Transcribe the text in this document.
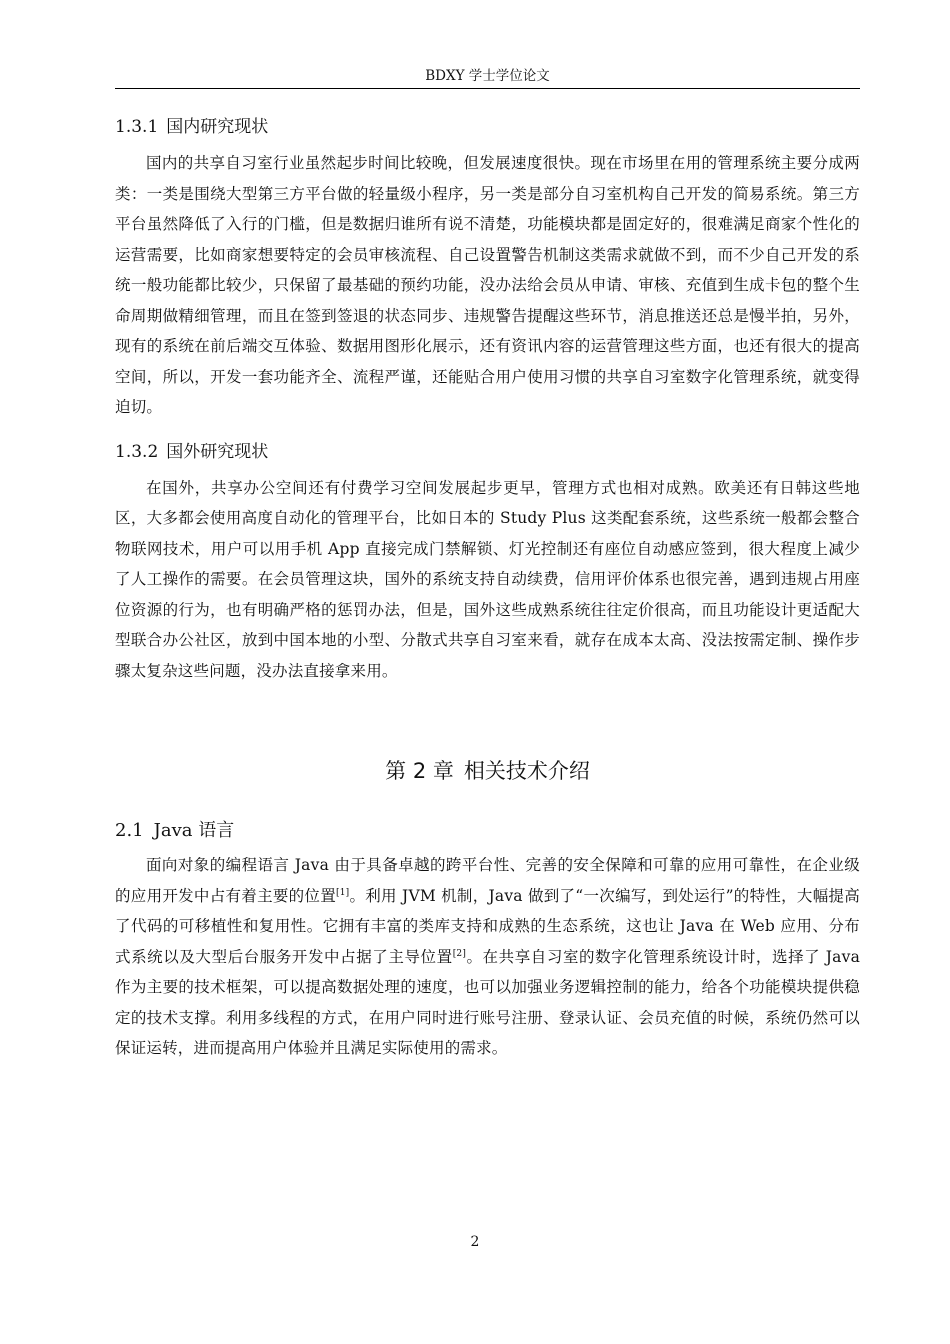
BDXY 学士学位论文
1.3.1 国内研究现状

国内的共享自习室行业虽然起步时间比较晚，但发展速度很快。现在市场里在用的管理系统主要分成两类：一类是围绕大型第三方平台做的轻量级小程序，另一类是部分自习室机构自己开发的简易系统。第三方平台虽然降低了入行的门槛，但是数据归谁所有说不清楚，功能模块都是固定好的，很难满足商家个性化的运营需要，比如商家想要特定的会员审核流程、自己设置警告机制这类需求就做不到，而不少自己开发的系统一般功能都比较少，只保留了最基础的预约功能，没办法给会员从申请、审核、充值到生成卡包的整个生命周期做精细管理，而且在签到签退的状态同步、违规警告提醒这些环节，消息推送还总是慢半拍，另外，现有的系统在前后端交互体验、数据用图形化展示，还有资讯内容的运营管理这些方面，也还有很大的提高空间，所以，开发一套功能齐全、流程严谨，还能贴合用户使用习惯的共享自习室数字化管理系统，就变得迫切。

1.3.2 国外研究现状

在国外，共享办公空间还有付费学习空间发展起步更早，管理方式也相对成熟。欧美还有日韩这些地区，大多都会使用高度自动化的管理平台，比如日本的 Study Plus 这类配套系统，这些系统一般都会整合物联网技术，用户可以用手机 App 直接完成门禁解锁、灯光控制还有座位自动感应签到，很大程度上减少了人工操作的需要。在会员管理这块，国外的系统支持自动续费，信用评价体系也很完善，遇到违规占用座位资源的行为，也有明确严格的惩罚办法，但是，国外这些成熟系统往往定价很高，而且功能设计更适配大型联合办公社区，放到中国本地的小型、分散式共享自习室来看，就存在成本太高、没法按需定制、操作步骤太复杂这些问题，没办法直接拿来用。

第 2 章 相关技术介绍
2.1 Java 语言

面向对象的编程语言 Java 由于具备卓越的跨平台性、完善的安全保障和可靠的应用可靠性，在企业级的应用开发中占有着主要的位置[1]。利用 JVM 机制，Java 做到了“一次编写，到处运行”的特性，大幅提高了代码的可移植性和复用性。它拥有丰富的类库支持和成熟的生态系统，这也让 Java 在 Web 应用、分布式系统以及大型后台服务开发中占据了主导位置[2]。在共享自习室的数字化管理系统设计时，选择了 Java 作为主要的技术框架，可以提高数据处理的速度，也可以加强业务逻辑控制的能力，给各个功能模块提供稳定的技术支撑。利用多线程的方式，在用户同时进行账号注册、登录认证、会员充值的时候，系统仍然可以保证运转，进而提高用户体验并且满足实际使用的需求。

2
